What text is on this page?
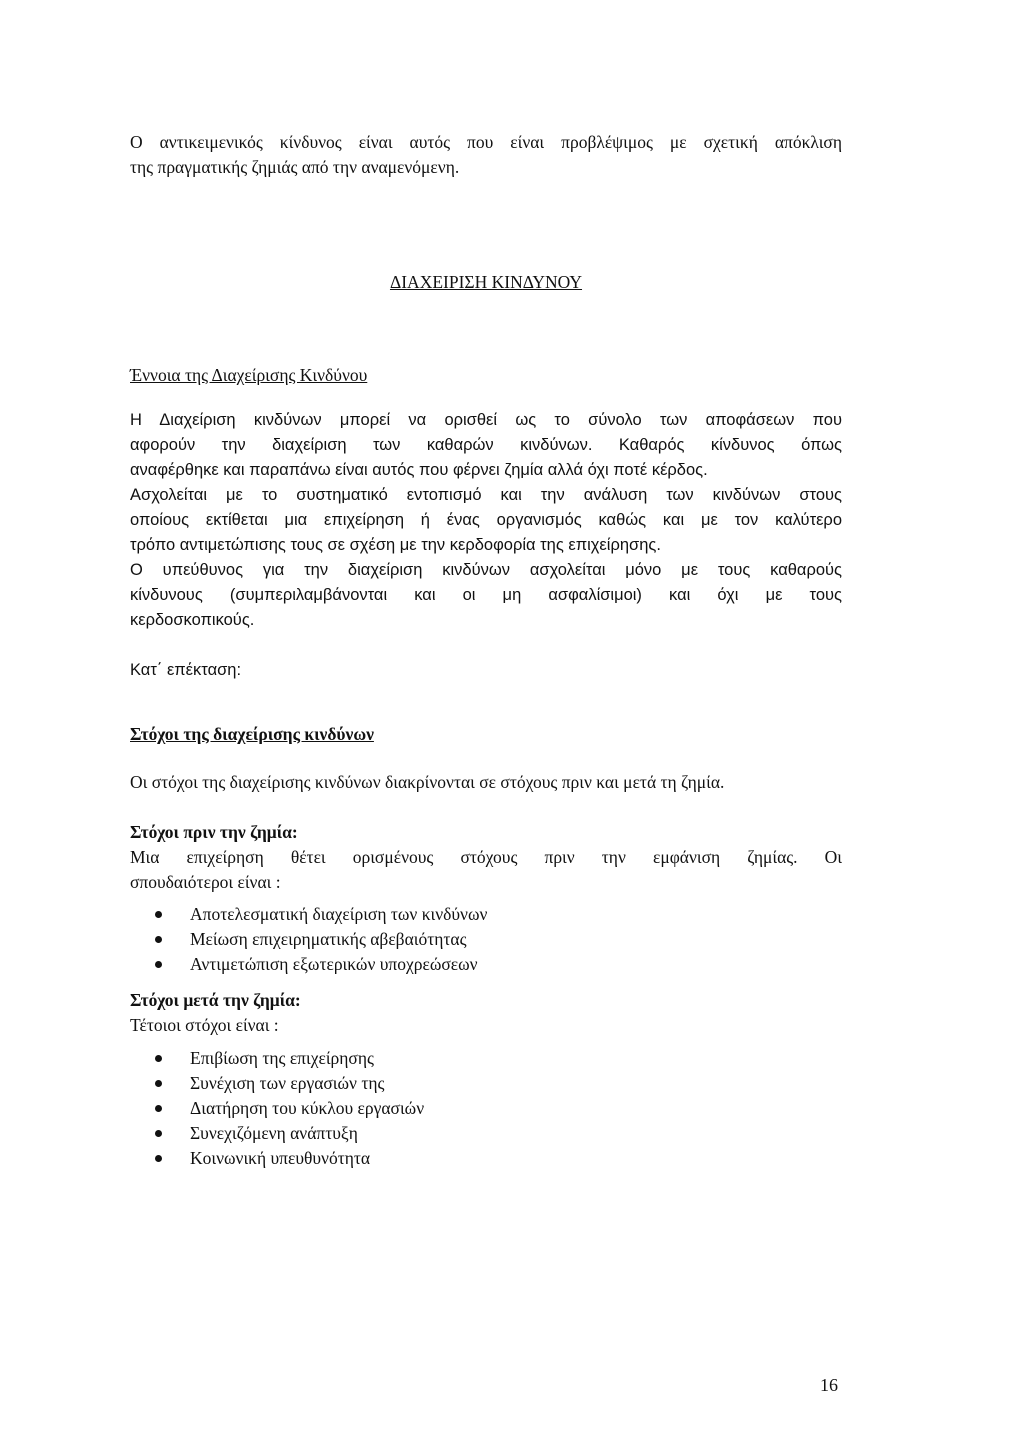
Ο αντικειμενικός κίνδυνος είναι αυτός που είναι προβλέψιμος με σχετική απόκλιση
της πραγματικής ζημιάς από την αναμενόμενη.
ΔΙΑΧΕΙΡΙΣΗ ΚΙΝΔΥΝΟΥ
Έννοια της Διαχείρισης Κινδύνου
Η Διαχείριση κινδύνων μπορεί να ορισθεί ως το σύνολο των αποφάσεων που
αφορούν την διαχείριση των καθαρών κινδύνων. Καθαρός κίνδυνος όπως
αναφέρθηκε και παραπάνω είναι αυτός που φέρνει ζημία αλλά όχι ποτέ κέρδος.
Ασχολείται με το συστηματικό εντοπισμό και την ανάλυση των κινδύνων στους
οποίους εκτίθεται μια επιχείρηση ή ένας οργανισμός καθώς και με τον καλύτερο
τρόπο αντιμετώπισης τους σε σχέση με την κερδοφορία της επιχείρησης.
Ο υπεύθυνος για την διαχείριση κινδύνων ασχολείται μόνο με τους καθαρούς
κίνδυνους (συμπεριλαμβάνονται και οι μη ασφαλίσιμοι) και όχι με τους
κερδοσκοπικούς.
Κατ΄ επέκταση:
Στόχοι της διαχείρισης κινδύνων
Οι στόχοι της διαχείρισης κινδύνων διακρίνονται σε στόχους πριν και μετά τη ζημία.
Στόχοι πριν την ζημία:
Μια επιχείρηση θέτει ορισμένους στόχους πριν την εμφάνιση ζημίας. Οι
σπουδαιότεροι είναι :
Αποτελεσματική διαχείριση των κινδύνων
Μείωση επιχειρηματικής αβεβαιότητας
Αντιμετώπιση εξωτερικών υποχρεώσεων
Στόχοι μετά την ζημία:
Τέτοιοι στόχοι είναι :
Επιβίωση της επιχείρησης
Συνέχιση των εργασιών της
Διατήρηση του κύκλου εργασιών
Συνεχιζόμενη ανάπτυξη
Κοινωνική υπευθυνότητα
16
